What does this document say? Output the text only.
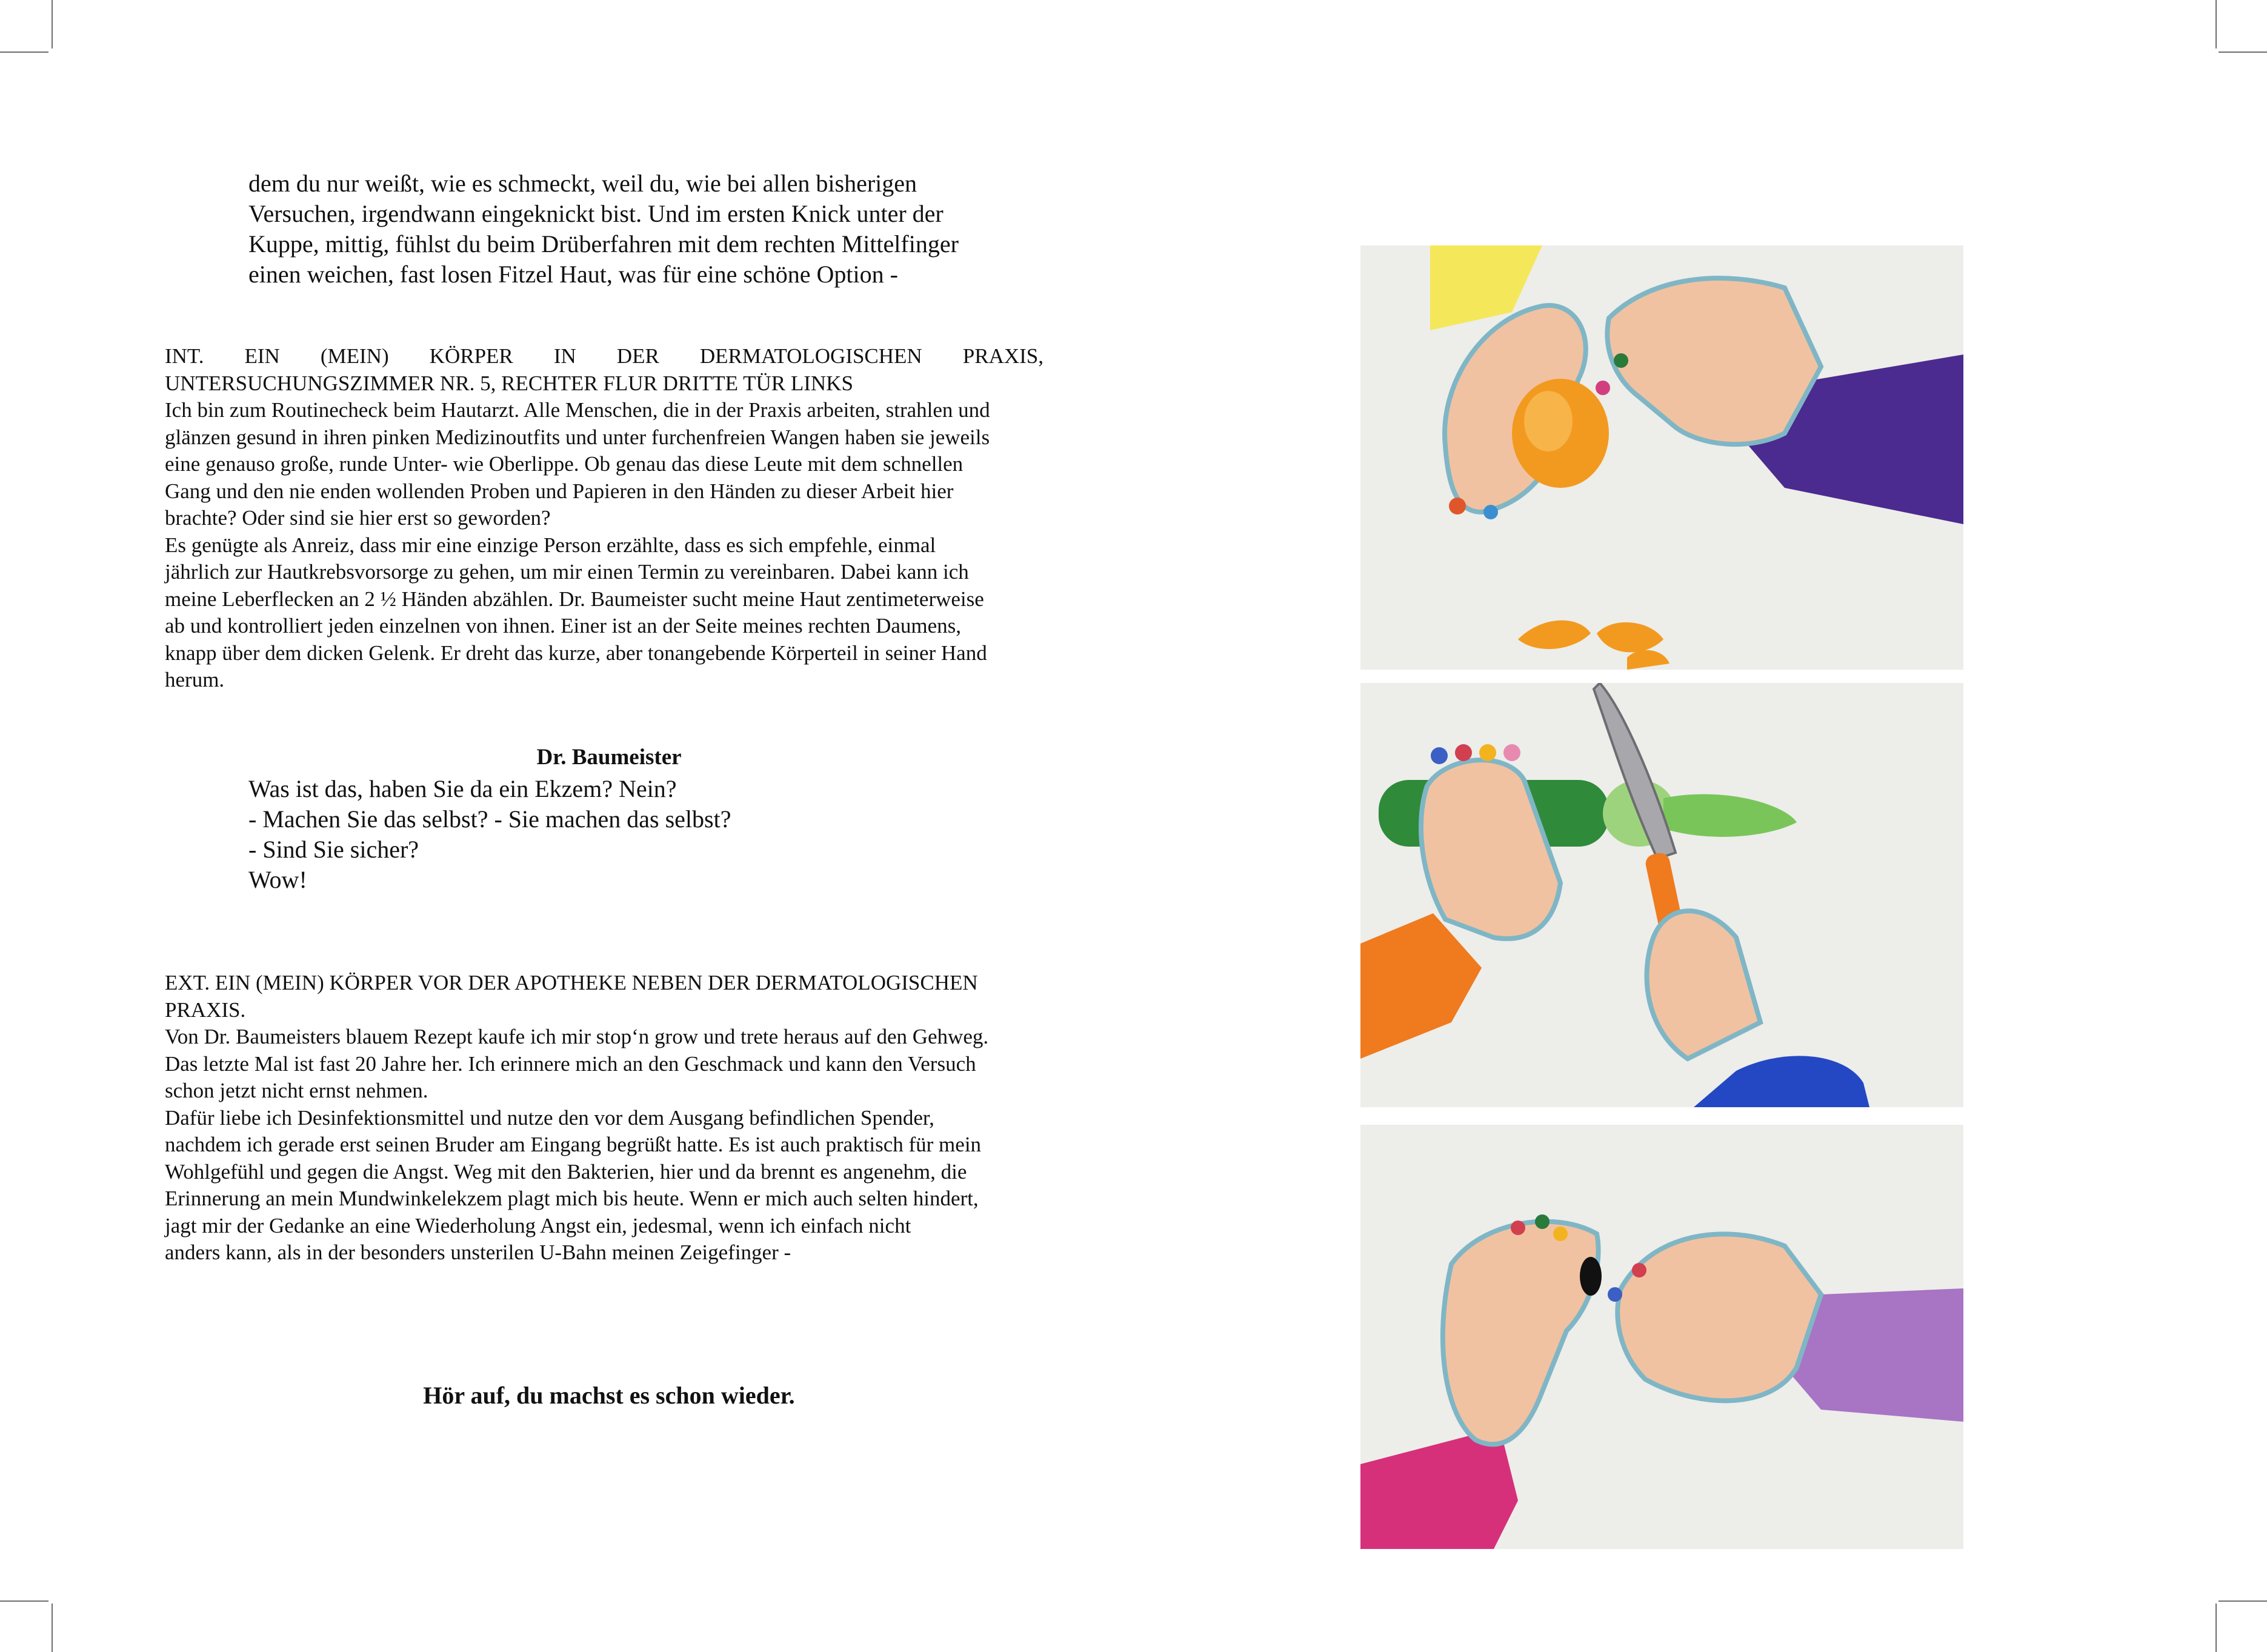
dem du nur weißt, wie es schmeckt, weil du, wie bei allen bisherigen
Versuchen, irgendwann eingeknickt bist. Und im ersten Knick unter der
Kuppe, mittig, fühlst du beim Drüberfahren mit dem rechten Mittelfinger
einen weichen, fast losen Fitzel Haut, was für eine schöne Option -
INT. EIN (MEIN) KÖRPER IN DER DERMATOLOGISCHEN PRAXIS,
UNTERSUCHUNGSZIMMER NR. 5, RECHTER FLUR DRITTE TÜR LINKS
Ich bin zum Routinecheck beim Hautarzt. Alle Menschen, die in der Praxis arbeiten, strahlen und
glänzen gesund in ihren pinken Medizinoutfits und unter furchenfreien Wangen haben sie jeweils
eine genauso große, runde Unter- wie Oberlippe. Ob genau das diese Leute mit dem schnellen
Gang und den nie enden wollenden Proben und Papieren in den Händen zu dieser Arbeit hier
brachte? Oder sind sie hier erst so geworden?
Es genügte als Anreiz, dass mir eine einzige Person erzählte, dass es sich empfehle, einmal
jährlich zur Hautkrebsvorsorge zu gehen, um mir einen Termin zu vereinbaren. Dabei kann ich
meine Leberflecken an 2 ½ Händen abzählen. Dr. Baumeister sucht meine Haut zentimeterweise
ab und kontrolliert jeden einzelnen von ihnen. Einer ist an der Seite meines rechten Daumens,
knapp über dem dicken Gelenk. Er dreht das kurze, aber tonangebende Körperteil in seiner Hand
herum.
Dr. Baumeister
Was ist das, haben Sie da ein Ekzem? Nein?
- Machen Sie das selbst? - Sie machen das selbst?
- Sind Sie sicher?
Wow!
EXT. EIN (MEIN) KÖRPER VOR DER APOTHEKE NEBEN DER DERMATOLOGISCHEN
PRAXIS.
Von Dr. Baumeisters blauem Rezept kaufe ich mir stop‘n grow und trete heraus auf den Gehweg.
Das letzte Mal ist fast 20 Jahre her. Ich erinnere mich an den Geschmack und kann den Versuch
schon jetzt nicht ernst nehmen.
Dafür liebe ich Desinfektionsmittel und nutze den vor dem Ausgang befindlichen Spender,
nachdem ich gerade erst seinen Bruder am Eingang begrüßt hatte. Es ist auch praktisch für mein
Wohlgefühl und gegen die Angst. Weg mit den Bakterien, hier und da brennt es angenehm, die
Erinnerung an mein Mundwinkelekzem plagt mich bis heute. Wenn er mich auch selten hindert,
jagt mir der Gedanke an eine Wiederholung Angst ein, jedesmal, wenn ich einfach nicht
anders kann, als in der besonders unsterilen U-Bahn meinen Zeigefinger -
Hör auf, du machst es schon wieder.
